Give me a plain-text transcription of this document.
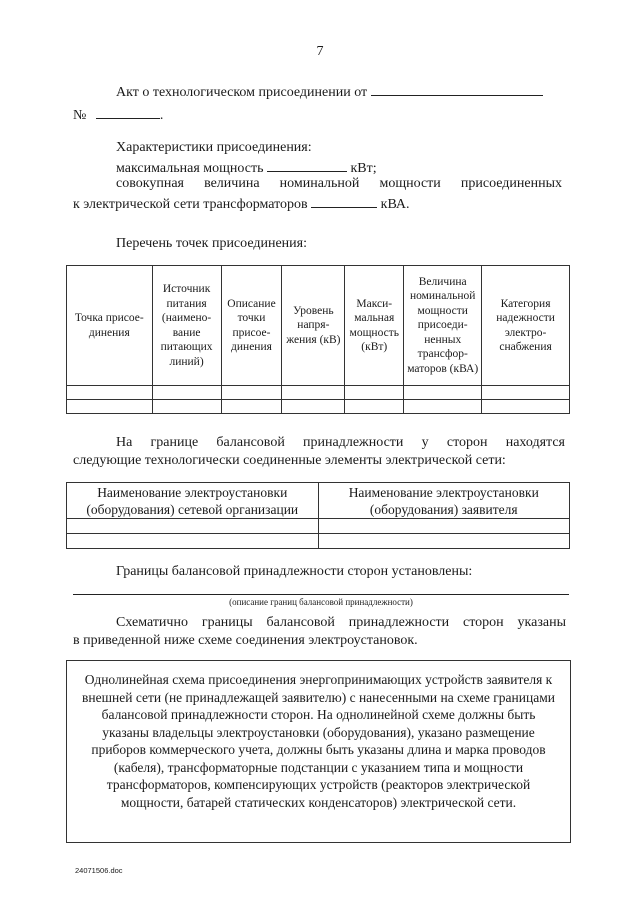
7
Акт о технологическом присоединении от
№	.
Характеристики присоединения:
максимальная мощность	кВт;
совокупная величина номинальной мощности присоединенных
к электрической сети трансформаторов	кВА.
Перечень точек присоединения:
Точка присое-динения	Источник питания (наимено-вание питающих линий)	Описание точки присое-динения	Уровень напря-жения (кВ)	Макси-мальная мощность (кВт)	Величина номинальной мощности присоеди-ненных трансфор-маторов (кВА)	Категория надежности электро-снабжения

На границе балансовой принадлежности у сторон находятся
следующие технологически соединенные элементы электрической сети:
Наименование электроустановки (оборудования) сетевой организации	Наименование электроустановки (оборудования) заявителя

Границы балансовой принадлежности сторон установлены:
(описание границ балансовой принадлежности)
Схематично границы балансовой принадлежности сторон указаны
в приведенной ниже схеме соединения электроустановок.
Однолинейная схема присоединения энергопринимающих устройств заявителя к внешней сети (не принадлежащей заявителю) с нанесенными на схеме границами балансовой принадлежности сторон. На однолинейной схеме должны быть указаны владельцы электроустановки (оборудования), указано размещение приборов коммерческого учета, должны быть указаны длина и марка проводов (кабеля), трансформаторные подстанции с указанием типа и мощности трансформаторов, компенсирующих устройств (реакторов электрической мощности, батарей статических конденсаторов) электрической сети.
24071506.doc
